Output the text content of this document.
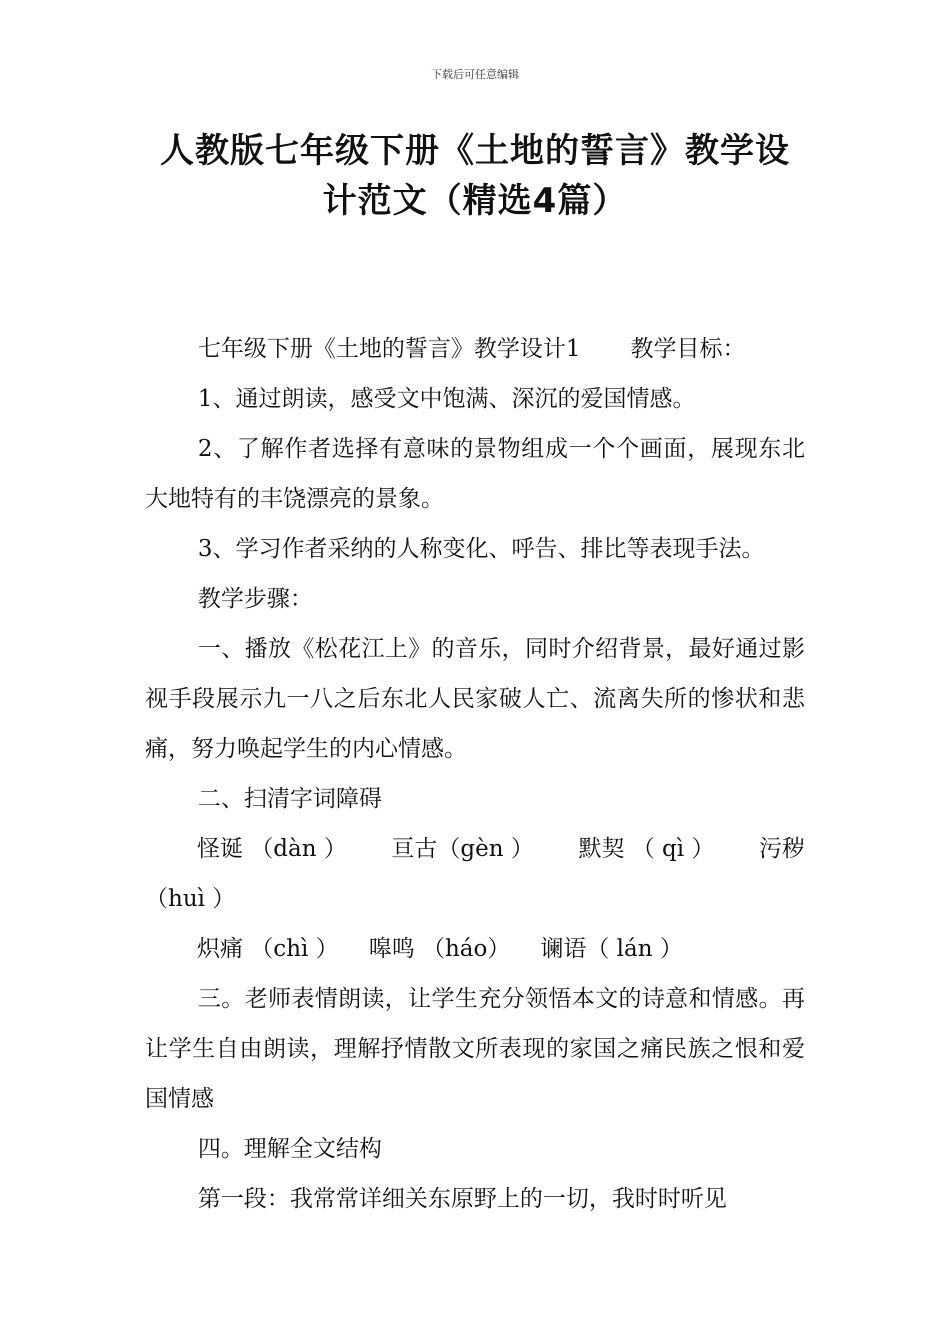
下载后可任意编辑
人教版七年级下册《土地的誓言》教学设
计范文（精选4篇）

七年级下册《土地的誓言》教学设计1 教学目标：

1、通过朗读，感受文中饱满、深沉的爱国情感。

2、了解作者选择有意味的景物组成一个个画面，展现东北大地特有的丰饶漂亮的景象。

3、学习作者采纳的人称变化、呼告、排比等表现手法。

教学步骤：

一、播放《松花江上》的音乐，同时介绍背景，最好通过影视手段展示九一八之后东北人民家破人亡、流离失所的惨状和悲痛，努力唤起学生的内心情感。

二、扫清字词障碍

怪诞 （dàn ） 亘古（gèn ） 默契 （ qì ） 污秽

（huì ）

炽痛 （chì ） 嗥鸣 （háo） 谰语（ lán ）

三。老师表情朗读，让学生充分领悟本文的诗意和情感。再让学生自由朗读，理解抒情散文所表现的家国之痛民族之恨和爱国情感

四。理解全文结构

第一段：我常常详细关东原野上的一切，我时时听见
